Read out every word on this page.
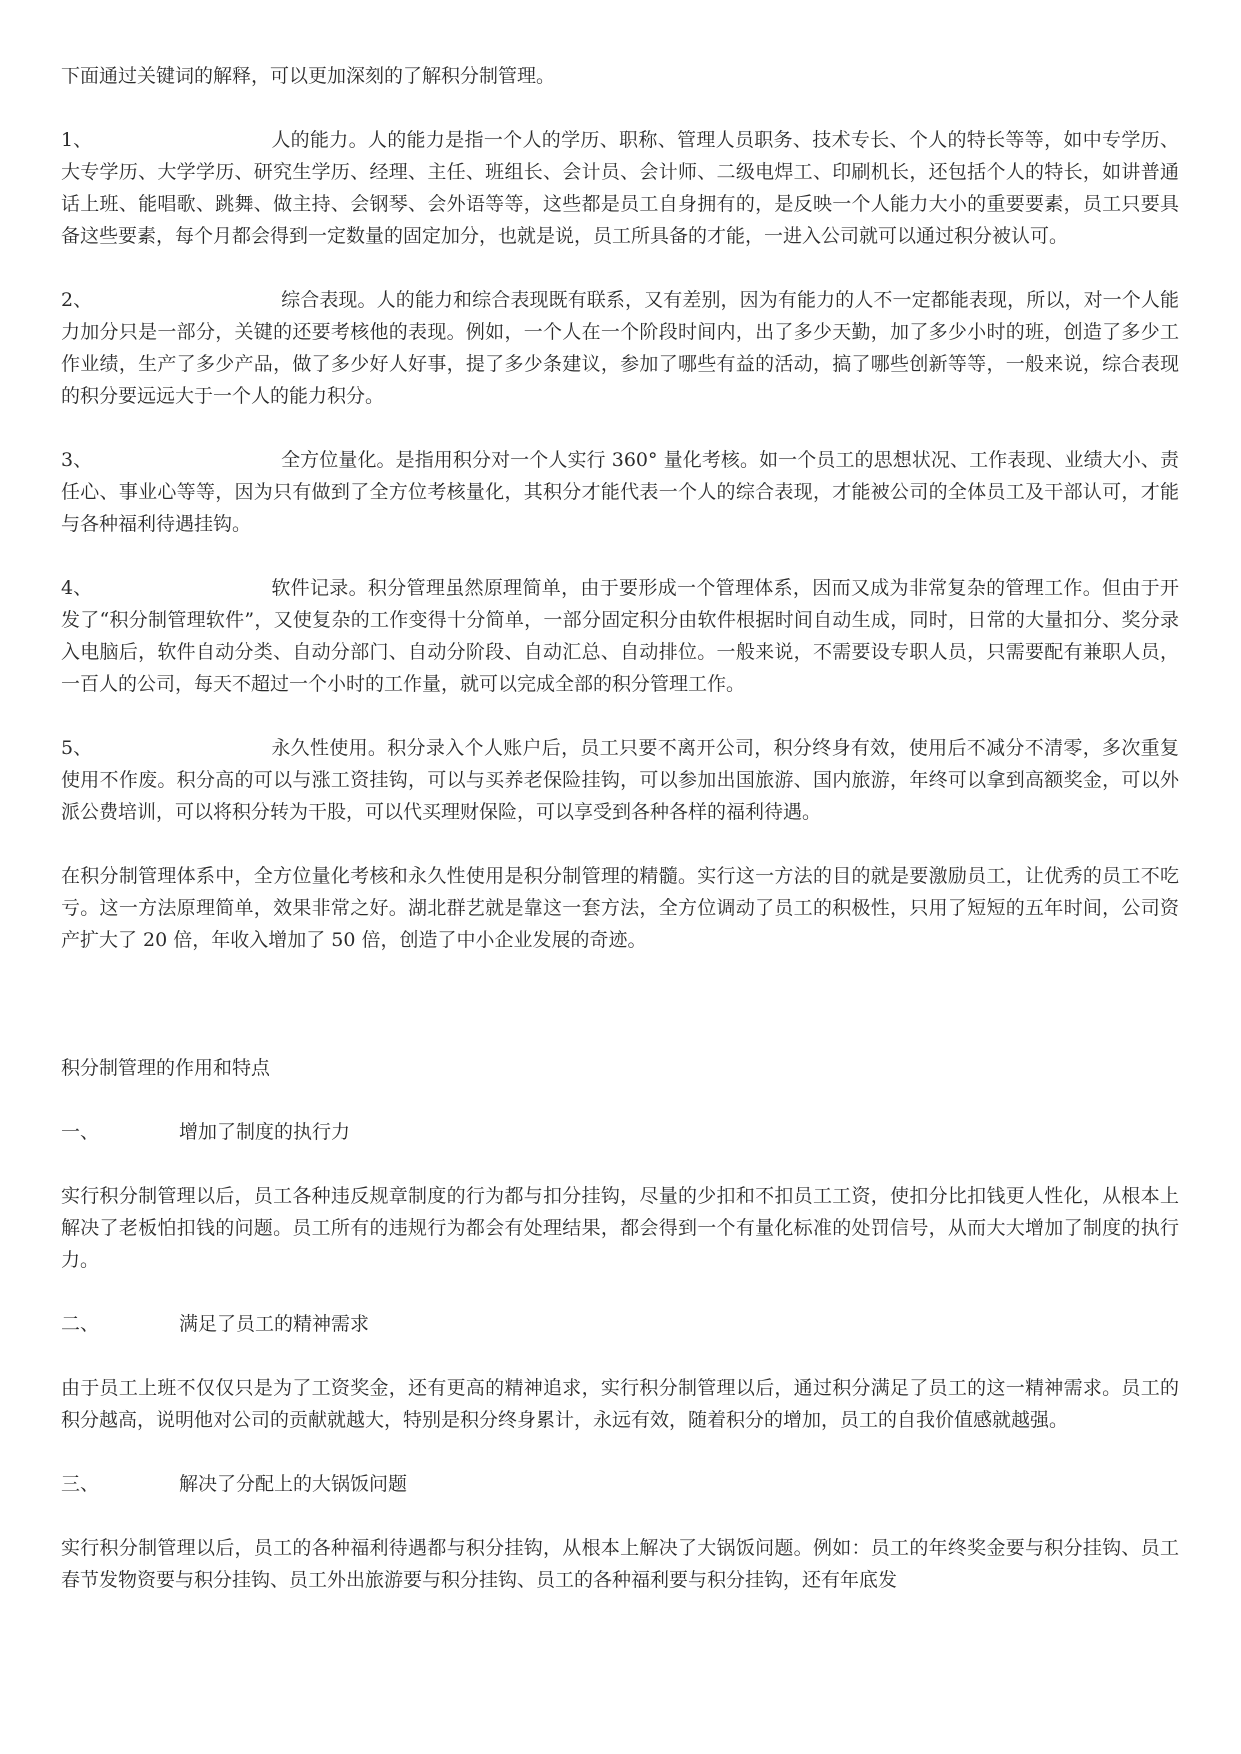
下面通过关键词的解释，可以更加深刻的了解积分制管理。

1、	人的能力。人的能力是指一个人的学历、职称、管理人员职务、技术专长、个人的特长等等，如中专学历、大专学历、大学学历、研究生学历、经理、主任、班组长、会计员、会计师、二级电焊工、印刷机长，还包括个人的特长，如讲普通话上班、能唱歌、跳舞、做主持、会钢琴、会外语等等，这些都是员工自身拥有的，是反映一个人能力大小的重要要素，员工只要具备这些要素，每个月都会得到一定数量的固定加分，也就是说，员工所具备的才能，一进入公司就可以通过积分被认可。

2、	综合表现。人的能力和综合表现既有联系，又有差别，因为有能力的人不一定都能表现，所以，对一个人能力加分只是一部分，关键的还要考核他的表现。例如，一个人在一个阶段时间内，出了多少天勤，加了多少小时的班，创造了多少工作业绩，生产了多少产品，做了多少好人好事，提了多少条建议，参加了哪些有益的活动，搞了哪些创新等等，一般来说，综合表现的积分要远远大于一个人的能力积分。

3、	全方位量化。是指用积分对一个人实行 360° 量化考核。如一个员工的思想状况、工作表现、业绩大小、责任心、事业心等等，因为只有做到了全方位考核量化，其积分才能代表一个人的综合表现，才能被公司的全体员工及干部认可，才能与各种福利待遇挂钩。

4、	软件记录。积分管理虽然原理简单，由于要形成一个管理体系，因而又成为非常复杂的管理工作。但由于开发了“积分制管理软件”，又使复杂的工作变得十分简单，一部分固定积分由软件根据时间自动生成，同时，日常的大量扣分、奖分录入电脑后，软件自动分类、自动分部门、自动分阶段、自动汇总、自动排位。一般来说，不需要设专职人员，只需要配有兼职人员，一百人的公司，每天不超过一个小时的工作量，就可以完成全部的积分管理工作。

5、	永久性使用。积分录入个人账户后，员工只要不离开公司，积分终身有效，使用后不减分不清零，多次重复使用不作废。积分高的可以与涨工资挂钩，可以与买养老保险挂钩，可以参加出国旅游、国内旅游，年终可以拿到高额奖金，可以外派公费培训，可以将积分转为干股，可以代买理财保险，可以享受到各种各样的福利待遇。

在积分制管理体系中，全方位量化考核和永久性使用是积分制管理的精髓。实行这一方法的目的就是要激励员工，让优秀的员工不吃亏。这一方法原理简单，效果非常之好。湖北群艺就是靠这一套方法，全方位调动了员工的积极性，只用了短短的五年时间，公司资产扩大了 20 倍，年收入增加了 50 倍，创造了中小企业发展的奇迹。

积分制管理的作用和特点

一、	增加了制度的执行力

实行积分制管理以后，员工各种违反规章制度的行为都与扣分挂钩，尽量的少扣和不扣员工工资，使扣分比扣钱更人性化，从根本上解决了老板怕扣钱的问题。员工所有的违规行为都会有处理结果，都会得到一个有量化标准的处罚信号，从而大大增加了制度的执行力。

二、	满足了员工的精神需求

由于员工上班不仅仅只是为了工资奖金，还有更高的精神追求，实行积分制管理以后，通过积分满足了员工的这一精神需求。员工的积分越高，说明他对公司的贡献就越大，特别是积分终身累计，永远有效，随着积分的增加，员工的自我价值感就越强。

三、	解决了分配上的大锅饭问题

实行积分制管理以后，员工的各种福利待遇都与积分挂钩，从根本上解决了大锅饭问题。例如：员工的年终奖金要与积分挂钩、员工春节发物资要与积分挂钩、员工外出旅游要与积分挂钩、员工的各种福利要与积分挂钩，还有年底发
